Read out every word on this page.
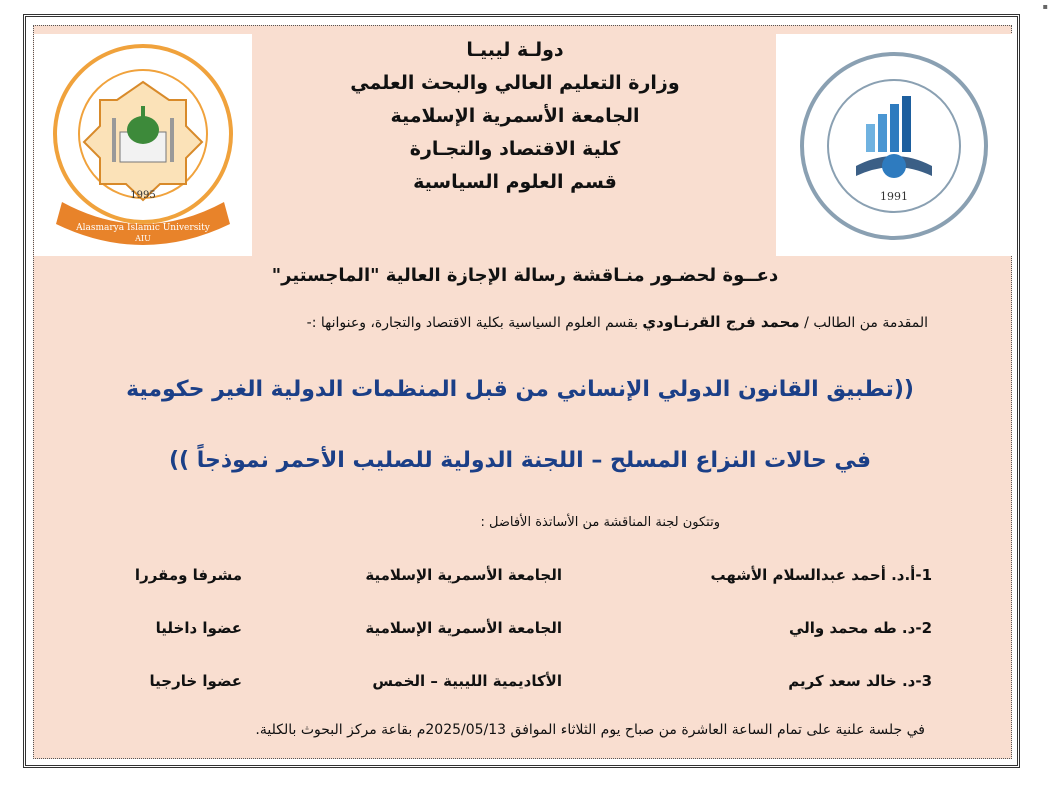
▪
1995
Alasmarya Islamic University
AIU
1991
دولـة ليبيـا
وزارة التعليم العالي والبحث العلمي
الجامعة الأسمرية الإسلامية
كلية الاقتصاد والتجـارة
قسم العلوم السياسية
دعــوة لحضـور منـاقشة رسالة الإجازة العالية "الماجستير"
المقدمة من الطالب / محمد فرج القرنـاودي بقسم العلوم السياسية بكلية الاقتصاد والتجارة، وعنوانها :-
((تطبيق القانون الدولي الإنساني من قبل المنظمات الدولية الغير حكومية
في حالات النزاع المسلح – اللجنة الدولية للصليب الأحمر نموذجاً ))
وتتكون لجنة المناقشة من الأساتذة الأفاضل :
1-أ.د. أحمد عبدالسلام الأشهب
الجامعة الأسمرية الإسلامية
مشرفا ومقررا
2-د. طه محمد والي
الجامعة الأسمرية الإسلامية
عضوا داخليا
3-د. خالد سعد كريم
الأكاديمية الليبية – الخمس
عضوا خارجيا
في جلسة علنية على تمام الساعة العاشرة من صباح يوم الثلاثاء الموافق 2025/05/13م بقاعة مركز البحوث بالكلية.
